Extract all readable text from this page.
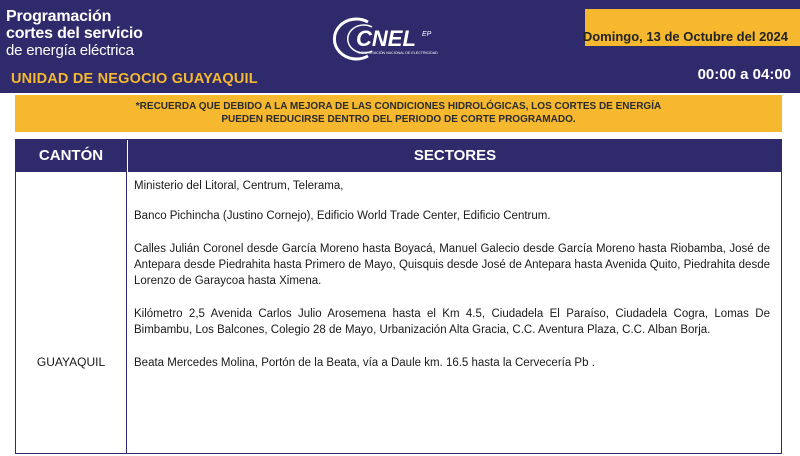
Programación
cortes del servicio
de energía eléctrica
UNIDAD DE NEGOCIO GUAYAQUIL
CNEL EP
CORPORACIÓN NACIONAL DE ELECTRICIDAD
Domingo, 13 de Octubre del 2024
00:00 a 04:00
*RECUERDA QUE DEBIDO A LA MEJORA DE LAS CONDICIONES HIDROLÓGICAS, LOS CORTES DE ENERGÍA
PUEDEN REDUCIRSE DENTRO DEL PERIODO DE CORTE PROGRAMADO.
CANTÓN	SECTORES
GUAYAQUIL

Ministerio del Litoral, Centrum, Telerama,

Banco Pichincha (Justino Cornejo), Edificio World Trade Center, Edificio Centrum.

Calles Julián Coronel desde García Moreno hasta Boyacá, Manuel Galecio desde García Moreno hasta Riobamba, José de Antepara desde Piedrahita hasta Primero de Mayo, Quisquis desde José de Antepara hasta Avenida Quito, Piedrahita desde Lorenzo de Garaycoa hasta Ximena.

Kilómetro 2,5 Avenida Carlos Julio Arosemena hasta el Km 4.5, Ciudadela El Paraíso, Ciudadela Cogra, Lomas De Bimbambu, Los Balcones, Colegio 28 de Mayo, Urbanización Alta Gracia, C.C. Aventura Plaza, C.C. Alban Borja.

Beata Mercedes Molina, Portón de la Beata, vía a Daule km. 16.5 hasta la Cervecería Pb .
